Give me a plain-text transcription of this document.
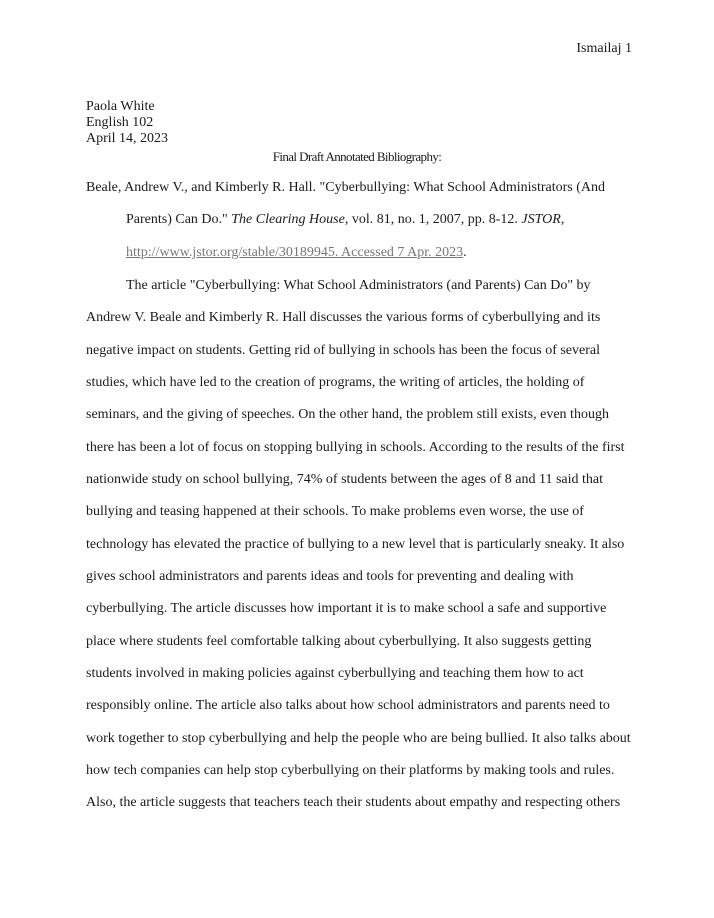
Ismailaj 1
Paola White
English 102
April 14, 2023
Final Draft Annotated Bibliography:
Beale, Andrew V., and Kimberly R. Hall. "Cyberbullying: What School Administrators (And
Parents) Can Do." The Clearing House, vol. 81, no. 1, 2007, pp. 8-12. JSTOR,
http://www.jstor.org/stable/30189945. Accessed 7 Apr. 2023.
The article "Cyberbullying: What School Administrators (and Parents) Can Do" by
Andrew V. Beale and Kimberly R. Hall discusses the various forms of cyberbullying and its
negative impact on students. Getting rid of bullying in schools has been the focus of several
studies, which have led to the creation of programs, the writing of articles, the holding of
seminars, and the giving of speeches. On the other hand, the problem still exists, even though
there has been a lot of focus on stopping bullying in schools. According to the results of the first
nationwide study on school bullying, 74% of students between the ages of 8 and 11 said that
bullying and teasing happened at their schools. To make problems even worse, the use of
technology has elevated the practice of bullying to a new level that is particularly sneaky. It also
gives school administrators and parents ideas and tools for preventing and dealing with
cyberbullying. The article discusses how important it is to make school a safe and supportive
place where students feel comfortable talking about cyberbullying. It also suggests getting
students involved in making policies against cyberbullying and teaching them how to act
responsibly online. The article also talks about how school administrators and parents need to
work together to stop cyberbullying and help the people who are being bullied. It also talks about
how tech companies can help stop cyberbullying on their platforms by making tools and rules.
Also, the article suggests that teachers teach their students about empathy and respecting others
